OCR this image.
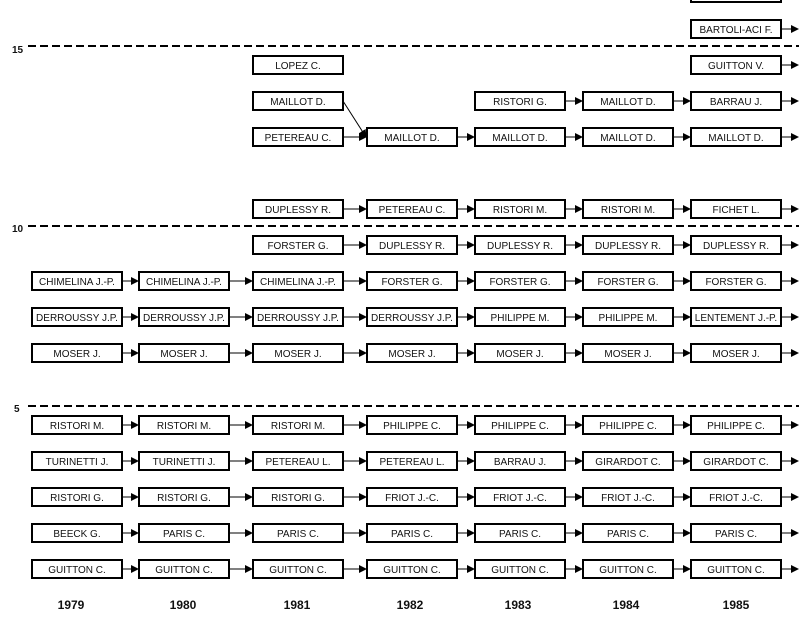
15
10
5
1979	1980	1981	1982	1983	1984	1985
GUITTON C.
BEECK G.
RISTORI G.
TURINETTI J.
RISTORI M.
MOSER J.
DERROUSSY J.P.
CHIMELINA J.-P.
GUITTON C.
PARIS C.
RISTORI G.
TURINETTI J.
RISTORI M.
MOSER J.
DERROUSSY J.P.
CHIMELINA J.-P.
GUITTON C.
PARIS C.
RISTORI G.
PETEREAU L.
RISTORI M.
MOSER J.
DERROUSSY J.P.
CHIMELINA J.-P.
FORSTER G.
DUPLESSY R.
PETEREAU C.
MAILLOT D.
LOPEZ C.
GUITTON C.
PARIS C.
FRIOT J.-C.
PETEREAU L.
PHILIPPE C.
MOSER J.
DERROUSSY J.P.
FORSTER G.
DUPLESSY R.
PETEREAU C.
MAILLOT D.
GUITTON C.
PARIS C.
FRIOT J.-C.
BARRAU J.
PHILIPPE C.
MOSER J.
PHILIPPE M.
FORSTER G.
DUPLESSY R.
RISTORI M.
MAILLOT D.
RISTORI G.
GUITTON C.
PARIS C.
FRIOT J.-C.
GIRARDOT C.
PHILIPPE C.
MOSER J.
PHILIPPE M.
FORSTER G.
DUPLESSY R.
RISTORI M.
MAILLOT D.
MAILLOT D.
GUITTON C.
PARIS C.
FRIOT J.-C.
GIRARDOT C.
PHILIPPE C.
MOSER J.
LENTEMENT J.-P.
FORSTER G.
DUPLESSY R.
FICHET L.
MAILLOT D.
BARRAU J.
GUITTON V.
BARTOLI-ACI F.
